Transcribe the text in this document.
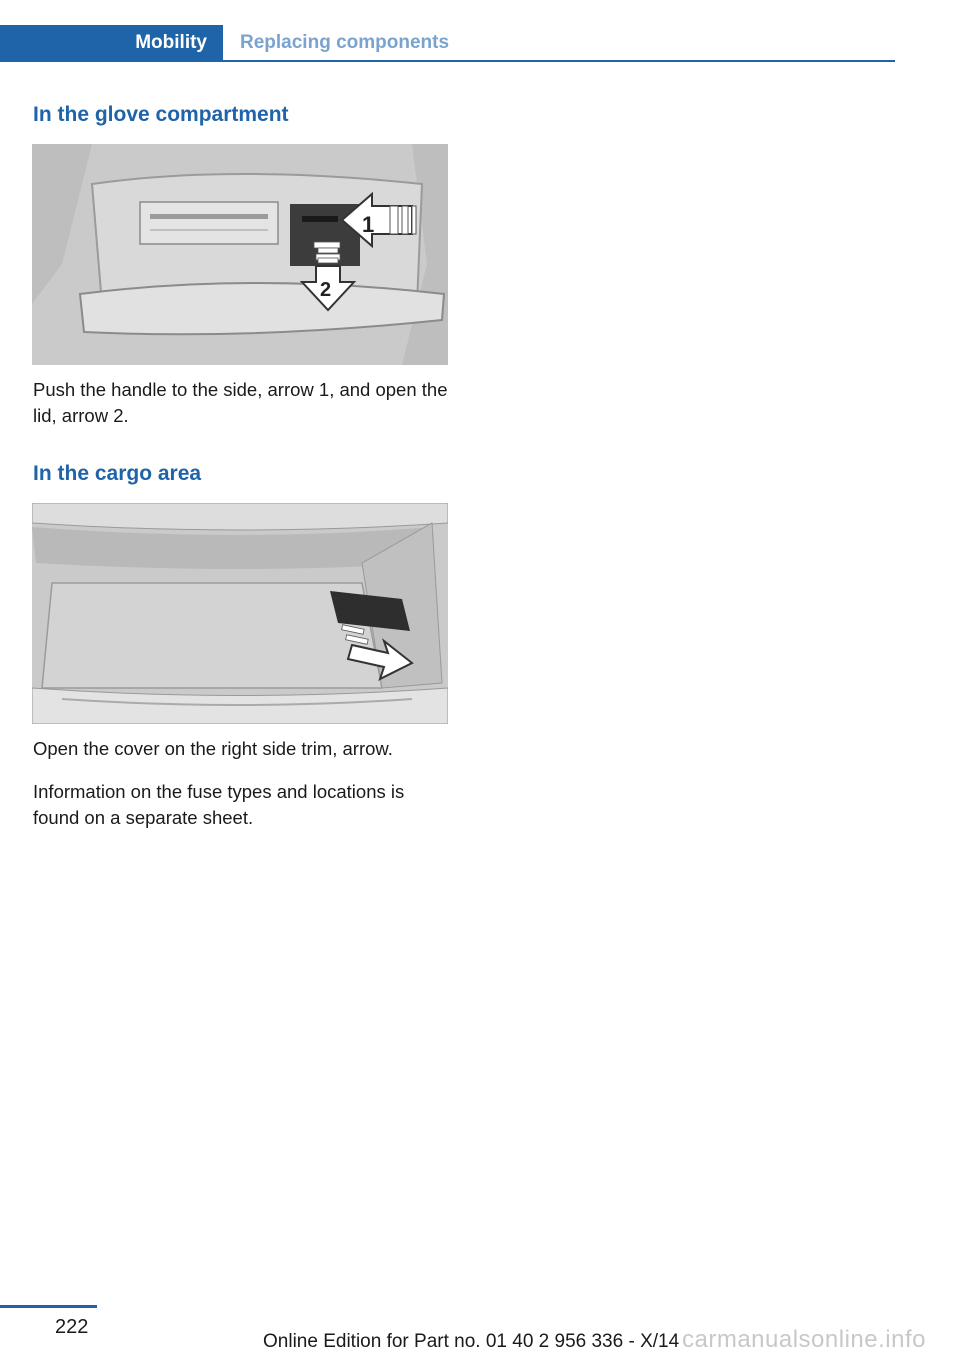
Mobility	Replacing components
In the glove compartment
1
2

Push the handle to the side, arrow 1, and open the lid, arrow 2.

In the cargo area

Open the cover on the right side trim, arrow.

Information on the fuse types and locations is found on a separate sheet.

222
Online Edition for Part no. 01 40 2 956 336 - X/14 carmanualsonline.info
